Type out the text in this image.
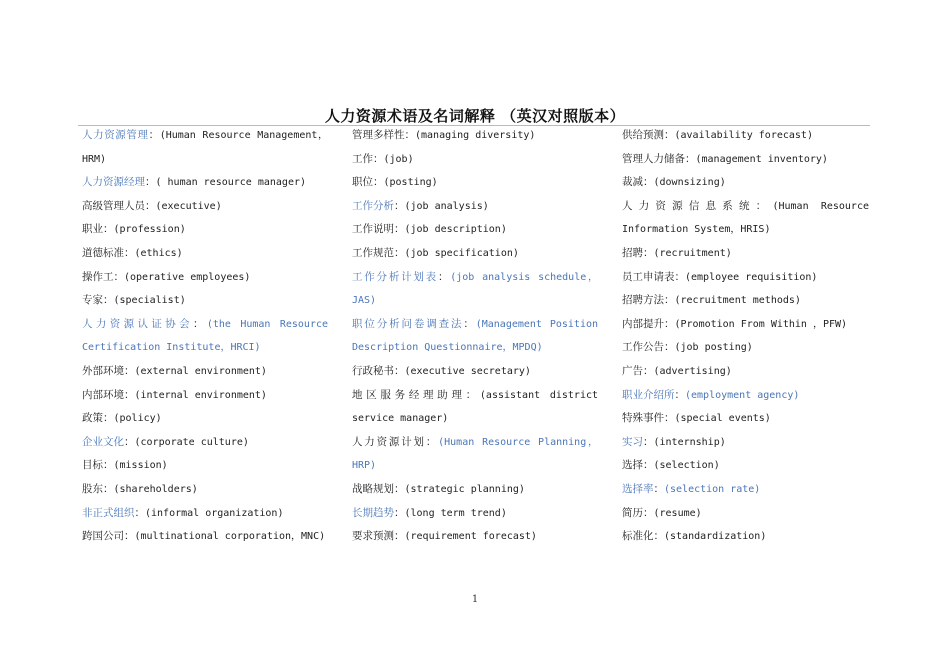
人力资源术语及名词解释 （英汉对照版本）
人力资源管理：(Human Resource Management，HRM)
人力资源经理：( human resource manager)
高级管理人员：(executive)
职业：(profession)
道德标准：(ethics)
操作工：(operative employees)
专家：(specialist)
人力资源认证协会：(the Human Resource Certification Institute，HRCI)
外部环境：(external environment)
内部环境：(internal environment)
政策：(policy)
企业文化：(corporate culture)
目标：(mission)
股东：(shareholders)
非正式组织：(informal organization)
跨国公司：(multinational corporation，MNC)
管理多样性：(managing diversity)
工作：(job)
职位：(posting)
工作分析：(job analysis)
工作说明：(job description)
工作规范：(job specification)
工作分析计划表：(job analysis schedule，JAS)
职位分析问卷调查法：(Management Position Description Questionnaire，MPDQ)
行政秘书：(executive secretary)
地区服务经理助理：(assistant district service manager)
人力资源计划：(Human Resource Planning，HRP)
战略规划：(strategic planning)
长期趋势：(long term trend)
要求预测：(requirement forecast)
供给预测：(availability forecast)
管理人力储备：(management inventory)
裁减：(downsizing)
人力资源信息系统：(Human Resource Information System，HRIS)
招聘：(recruitment)
员工申请表：(employee requisition)
招聘方法：(recruitment methods)
内部提升：(Promotion From Within ，PFW)
工作公告：(job posting)
广告：(advertising)
职业介绍所：(employment agency)
特殊事件：(special events)
实习：(internship)
选择：(selection)
选择率：(selection rate)
简历：(resume)
标准化：(standardization)
1
